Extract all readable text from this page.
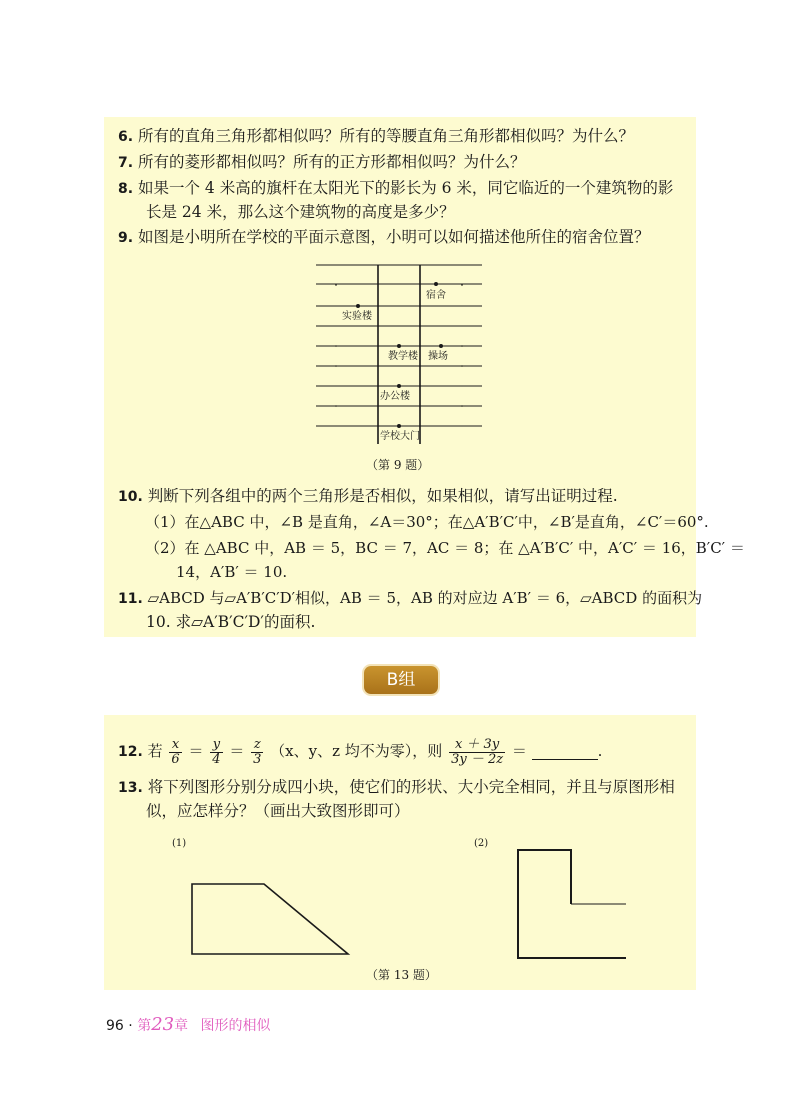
6. 所有的直角三角形都相似吗？所有的等腰直角三角形都相似吗？为什么？
7. 所有的菱形都相似吗？所有的正方形都相似吗？为什么？
8. 如果一个 4 米高的旗杆在太阳光下的影长为 6 米，同它临近的一个建筑物的影
长是 24 米，那么这个建筑物的高度是多少？
9. 如图是小明所在学校的平面示意图，小明可以如何描述他所住的宿舍位置？
宿舍
实验楼
教学楼 操场
办公楼
学校大门
（第 9 题）
10. 判断下列各组中的两个三角形是否相似，如果相似，请写出证明过程.
（1）在△ABC 中，∠B 是直角，∠A＝30°；在△A′B′C′中，∠B′是直角，∠C′＝60°.
（2）在 △ABC 中，AB ＝ 5，BC ＝ 7，AC ＝ 8；在 △A′B′C′ 中，A′C′ ＝ 16，B′C′ ＝
14，A′B′ ＝ 10.
11. ▱ABCD 与▱A′B′C′D′相似，AB ＝ 5，AB 的对应边 A′B′ ＝ 6，▱ABCD 的面积为
10. 求▱A′B′C′D′的面积.
B组
12. 若 $\frac{x}{6} = \frac{y}{4} = \frac{z}{3} (x$、y、z 均不为零），则 $\frac{x + 3y}{3y - 2z}$ ＝	.
13. 将下列图形分别分成四小块，使它们的形状、大小完全相同，并且与原图形相
似，应怎样分？（画出大致图形即可）
(1)	(2)
（第 13 题）
96 · 第23章 图形的相似
